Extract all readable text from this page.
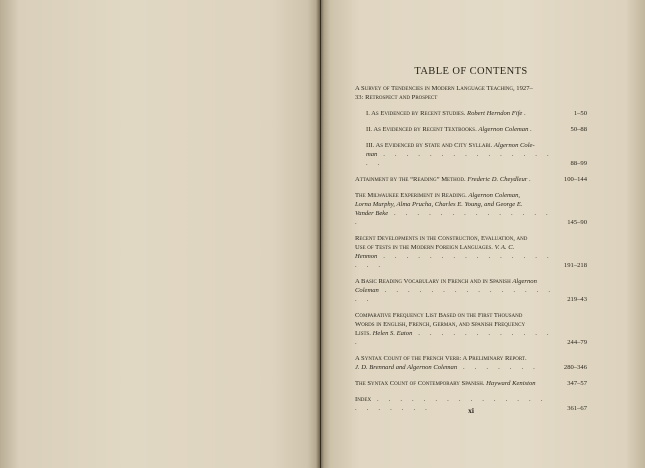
TABLE OF CONTENTS
A Survey of Tendencies in Modern Language Teaching, 1927–
33: Retrospect and Prospect
I. As Evidenced by Recent Studies. Robert Herndon Fife .	1–50
II. As Evidenced by Recent Textbooks. Algernon Coleman .	50–88
III. As Evidenced by State and City Syllabi. Algernon Cole-
man . . . . . . . . . . . . . . . . .	88–99
Attainment by the “Reading” Method. Frederic D. Cheydleur .	100–144
The Milwaukee Experiment in Reading. Algernon Coleman,
Lorna Murphy, Alma Prucha, Charles E. Young, and George E.
Vander Beke . . . . . . . . . . . . . . .	145–90
Recent Developments in the Construction, Evaluation, and
Use of Tests in the Modern Foreign Languages. V. A. C.
Henmon . . . . . . . . . . . . . . . . . .	191–218
A Basic Reading Vocabulary in French and in Spanish Algernon
Coleman . . . . . . . . . . . . . . . . .	219–43
Comparative Frequency List Based on the First Thousand
Words in English, French, German, and Spanish Frequency
Lists. Helen S. Eaton . . . . . . . . . . . . .	244–79
A Syntax Count of the French Verb: A Preliminary Report.
J. D. Brennard and Algernon Coleman . . . . . . .	280–346
The Syntax Count of Contemporary Spanish. Hayward Keniston	347–57
Index . . . . . . . . . . . . . . . . . . . . . .	361–67
xi
